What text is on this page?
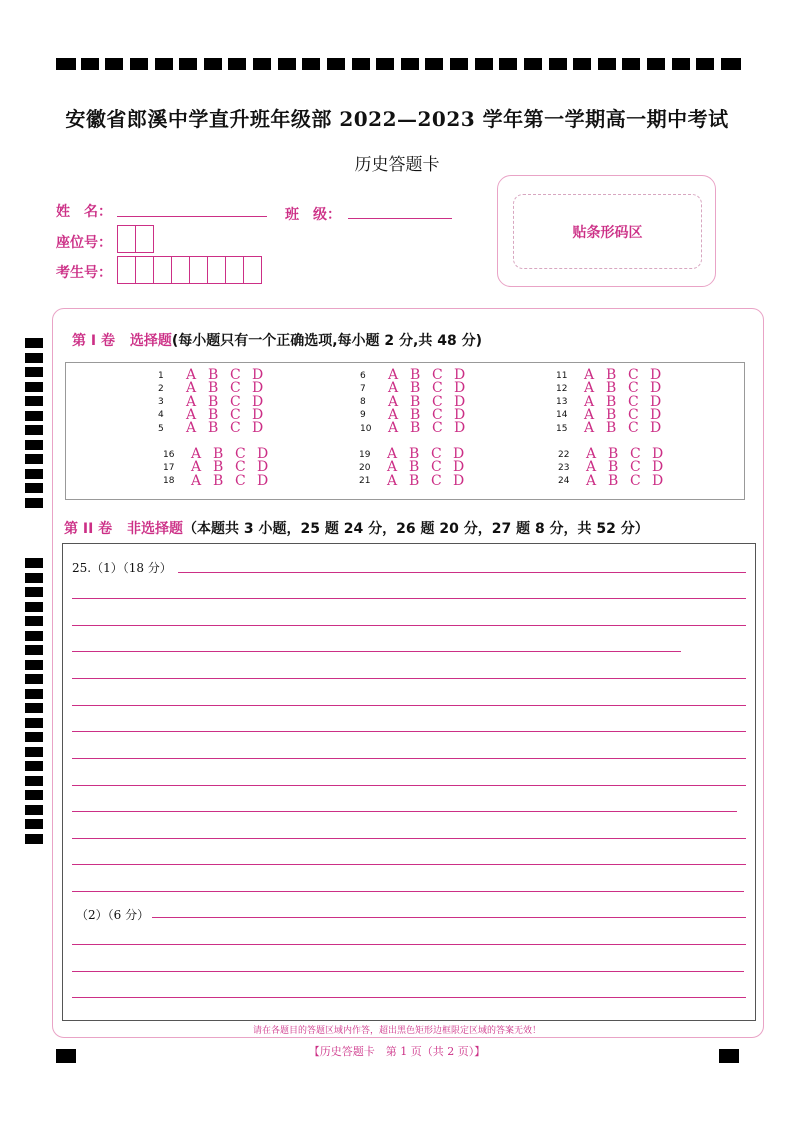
安徽省郎溪中学直升班年级部 2022—2023 学年第一学期高一期中考试
历史答题卡
姓　名：	班　级：
座位号：
考生号：
贴条形码区
第 I 卷 选择题(每小题只有一个正确选项,每小题 2 分,共 48 分)
1	A B C D
2	A B C D
3	A B C D
4	A B C D
5	A B C D
6	A B C D
7	A B C D
8	A B C D
9	A B C D
10	A B C D
11	A B C D
12	A B C D
13	A B C D
14	A B C D
15	A B C D
16	A B C D
17	A B C D
18	A B C D
19	A B C D
20	A B C D
21	A B C D
22	A B C D
23	A B C D
24	A B C D
第 II 卷 非选择题（本题共 3 小题，25 题 24 分，26 题 20 分，27 题 8 分，共 52 分）
25.（1）（18 分）
（2）（6 分）
请在各题目的答题区域内作答，超出黑色矩形边框限定区域的答案无效！
【历史答题卡　第 1 页（共 2 页）】
